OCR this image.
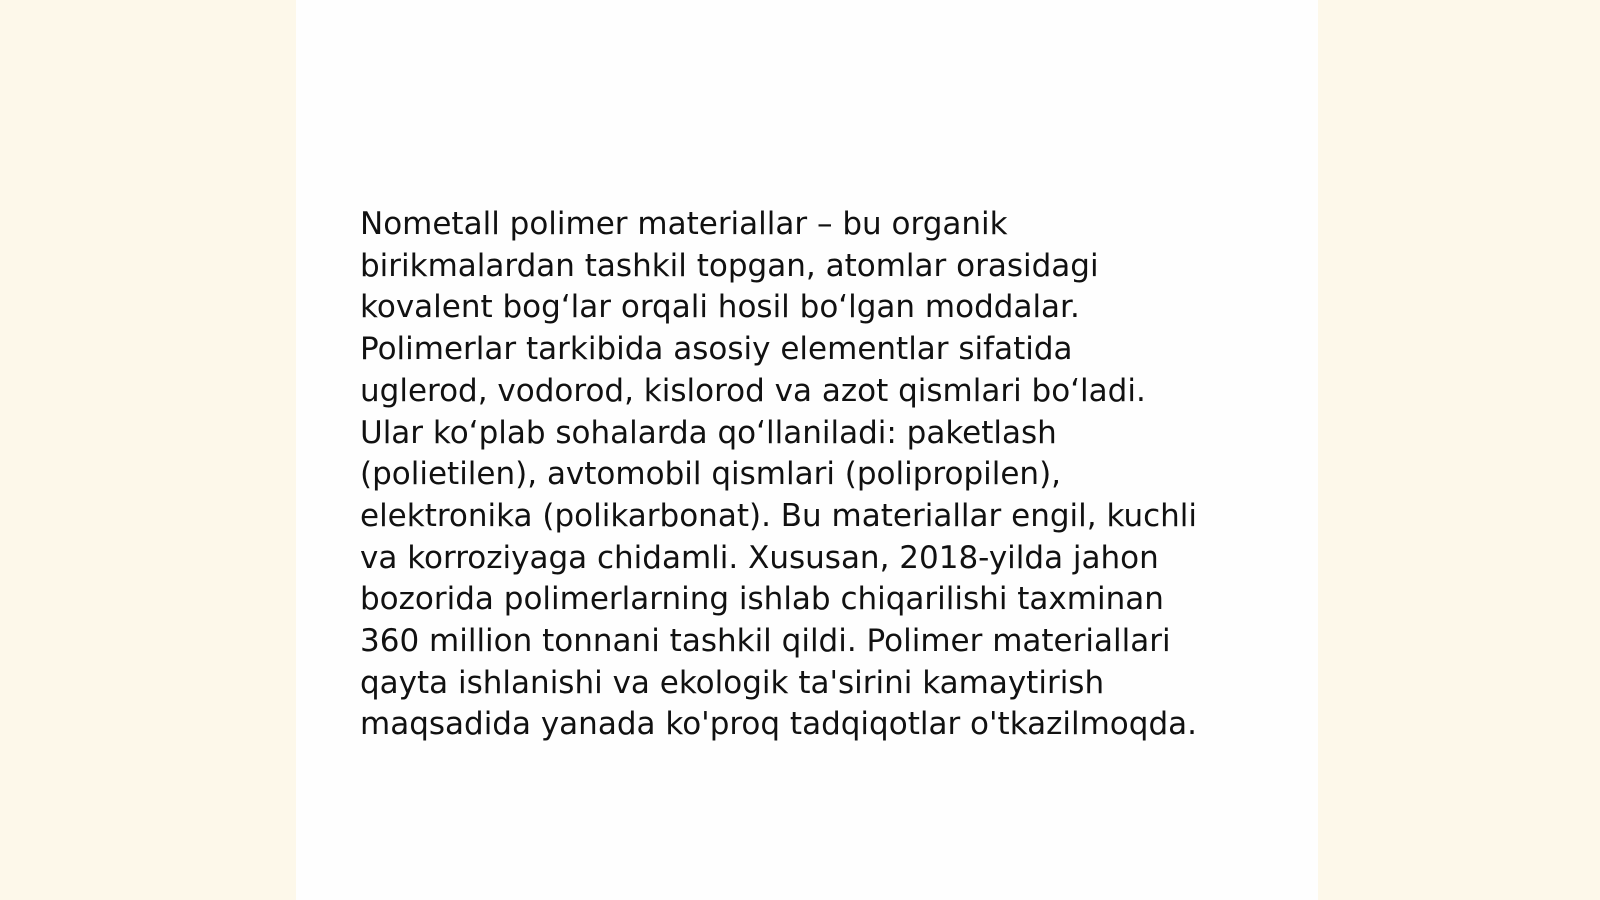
Nometall polimer materiallar – bu organik
birikmalardan tashkil topgan, atomlar orasidagi
kovalent bogʻlar orqali hosil boʻlgan moddalar.
Polimerlar tarkibida asosiy elementlar sifatida
uglerod, vodorod, kislorod va azot qismlari boʻladi.
Ular koʻplab sohalarda qoʻllaniladi: paketlash
(polietilen), avtomobil qismlari (polipropilen),
elektronika (polikarbonat). Bu materiallar engil, kuchli
va korroziyaga chidamli. Xususan, 2018-yilda jahon
bozorida polimerlarning ishlab chiqarilishi taxminan
360 million tonnani tashkil qildi. Polimer materiallari
qayta ishlanishi va ekologik ta'sirini kamaytirish
maqsadida yanada ko'proq tadqiqotlar o'tkazilmoqda.
